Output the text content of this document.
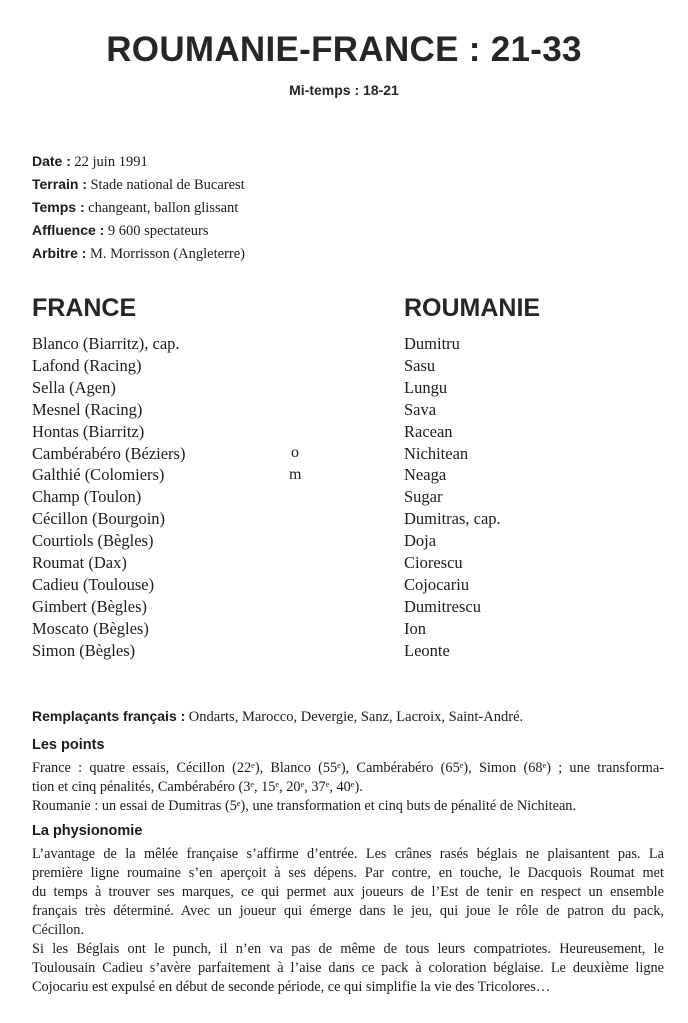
ROUMANIE-FRANCE : 21-33
Mi-temps : 18-21
Date : 22 juin 1991
Terrain : Stade national de Bucarest
Temps : changeant, ballon glissant
Affluence : 9 600 spectateurs
Arbitre : M. Morrisson (Angleterre)
FRANCE	ROUMANIE
Blanco (Biarritz), cap.
Lafond (Racing)
Sella (Agen)
Mesnel (Racing)
Hontas (Biarritz)
Cambérabéro (Béziers)
Galthié (Colomiers)
Champ (Toulon)
Cécillon (Bourgoin)
Courtiols (Bègles)
Roumat (Dax)
Cadieu (Toulouse)
Gimbert (Bègles)
Moscato (Bègles)
Simon (Bègles)
Dumitru
Sasu
Lungu
Sava
Racean
Nichitean
Neaga
Sugar
Dumitras, cap.
Doja
Ciorescu
Cojocariu
Dumitrescu
Ion
Leonte
o
m
Remplaçants français : Ondarts, Marocco, Devergie, Sanz, Lacroix, Saint-André.
Les points
France : quatre essais, Cécillon (22ᵉ), Blanco (55ᵉ), Cambérabéro (65ᵉ), Simon (68ᵉ) ; une transforma-
tion et cinq pénalités, Cambérabéro (3ᵉ, 15ᵉ, 20ᵉ, 37ᵉ, 40ᵉ).
Roumanie : un essai de Dumitras (5ᵉ), une transformation et cinq buts de pénalité de Nichitean.
La physionomie
L’avantage de la mêlée française s’affirme d’entrée. Les crânes rasés béglais ne plaisantent pas. La
première ligne roumaine s’en aperçoit à ses dépens. Par contre, en touche, le Dacquois Roumat met
du temps à trouver ses marques, ce qui permet aux joueurs de l’Est de tenir en respect un ensemble
français très déterminé. Avec un joueur qui émerge dans le jeu, qui joue le rôle de patron du pack,
Cécillon.
Si les Béglais ont le punch, il n’en va pas de même de tous leurs compatriotes. Heureusement, le
Toulousain Cadieu s’avère parfaitement à l’aise dans ce pack à coloration béglaise. Le deuxième ligne
Cojocariu est expulsé en début de seconde période, ce qui simplifie la vie des Tricolores…
